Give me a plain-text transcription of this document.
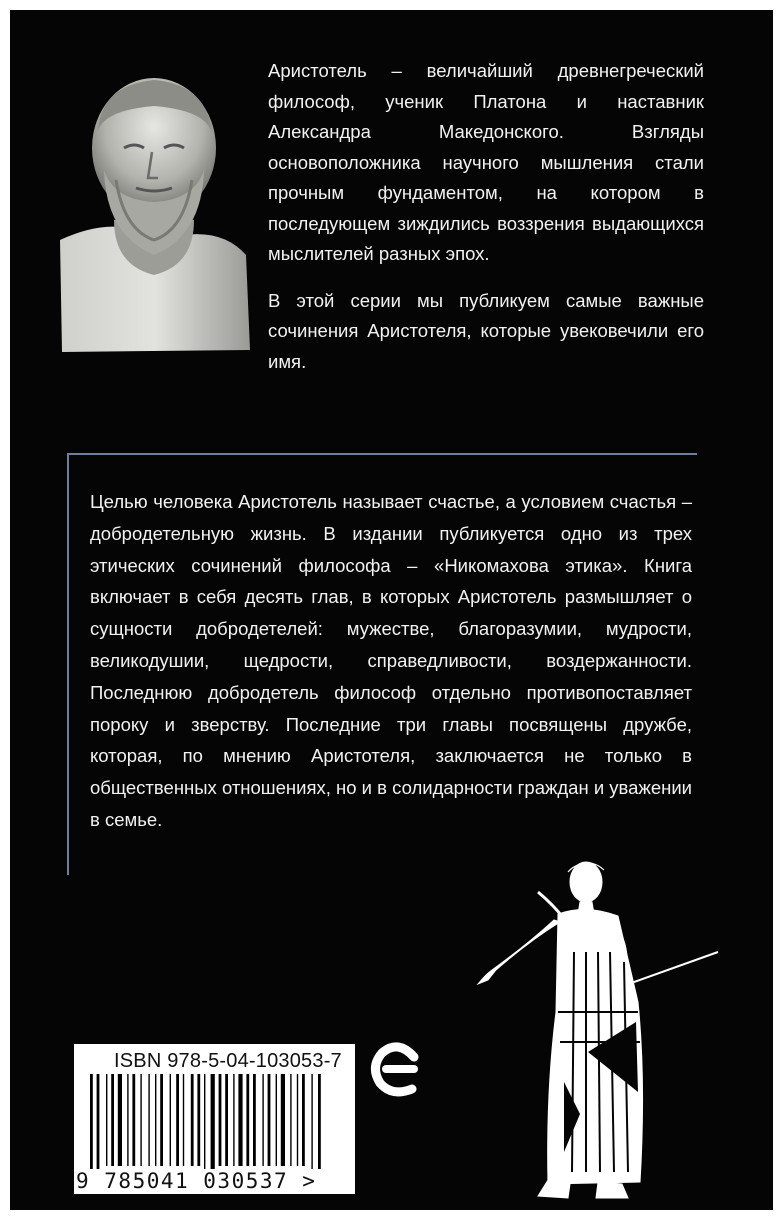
Аристотель – величайший древнегреческий философ, ученик Платона и наставник Александра Македонского. Взгляды основоположника научного мышления стали прочным фундаментом, на котором в последующем зиждились воззрения выдающихся мыслителей разных эпох.

В этой серии мы публикуем самые важные сочинения Аристотеля, которые увековечили его имя.

Целью человека Аристотель называет счастье, а условием счастья – добродетельную жизнь. В издании публикуется одно из трех этических сочинений философа – «Никомахова этика». Книга включает в себя десять глав, в которых Аристотель размышляет о сущности добродетелей: мужестве, благоразумии, мудрости, великодушии, щедрости, справедливости, воздержанности. Последнюю добродетель философ отдельно противопоставляет пороку и зверству. Последние три главы посвящены дружбе, которая, по мнению Аристотеля, заключается не только в общественных отношениях, но и в солидарности граждан и уважении в семье.

ISBN 978-5-04-103053-7
9 785041 030537 >
